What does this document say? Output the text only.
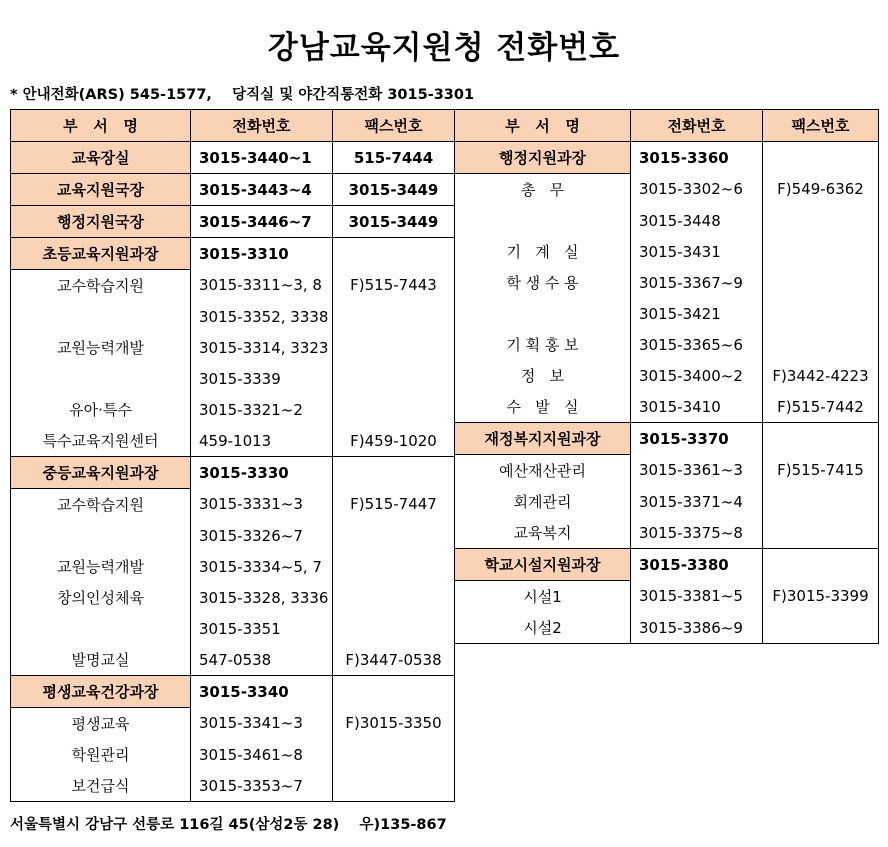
강남교육지원청 전화번호
* 안내전화(ARS) 545-1577,    당직실 및 야간직통전화 3015-3301
부   서   명	전화번호	팩스번호
교육장실	3015-3440~1	515-7444
교육지원국장	3015-3443~4	3015-3449
행정지원국장	3015-3446~7	3015-3449
초등교육지원과장	3015-3310	
교수학습지원	3015-3311~3, 8	F)515-7443
	3015-3352, 3338	
교원능력개발	3015-3314, 3323	
	3015-3339	
유아·특수	3015-3321~2	
특수교육지원센터	459-1013	F)459-1020
중등교육지원과장	3015-3330	
교수학습지원	3015-3331~3	F)515-7447
	3015-3326~7	
교원능력개발	3015-3334~5, 7	
창의인성체육	3015-3328, 3336	
	3015-3351	
발명교실	547-0538	F)3447-0538
평생교육건강과장	3015-3340	
평생교육	3015-3341~3	F)3015-3350
학원관리	3015-3461~8	
보건급식	3015-3353~7	
부   서   명	전화번호	팩스번호
행정지원과장	3015-3360	
총   무	3015-3302~6	F)549-6362
	3015-3448	
기   계   실	3015-3431	
학 생 수 용	3015-3367~9	
	3015-3421	
기 획 홍 보	3015-3365~6	
정   보	3015-3400~2	F)3442-4223
수   발   실	3015-3410	F)515-7442
재정복지지원과장	3015-3370	
예산재산관리	3015-3361~3	F)515-7415
회계관리	3015-3371~4	
교육복지	3015-3375~8	
학교시설지원과장	3015-3380	
시설1	3015-3381~5	F)3015-3399
시설2	3015-3386~9	
서울특별시 강남구 선릉로 116길 45(삼성2동 28)    우)135-867
